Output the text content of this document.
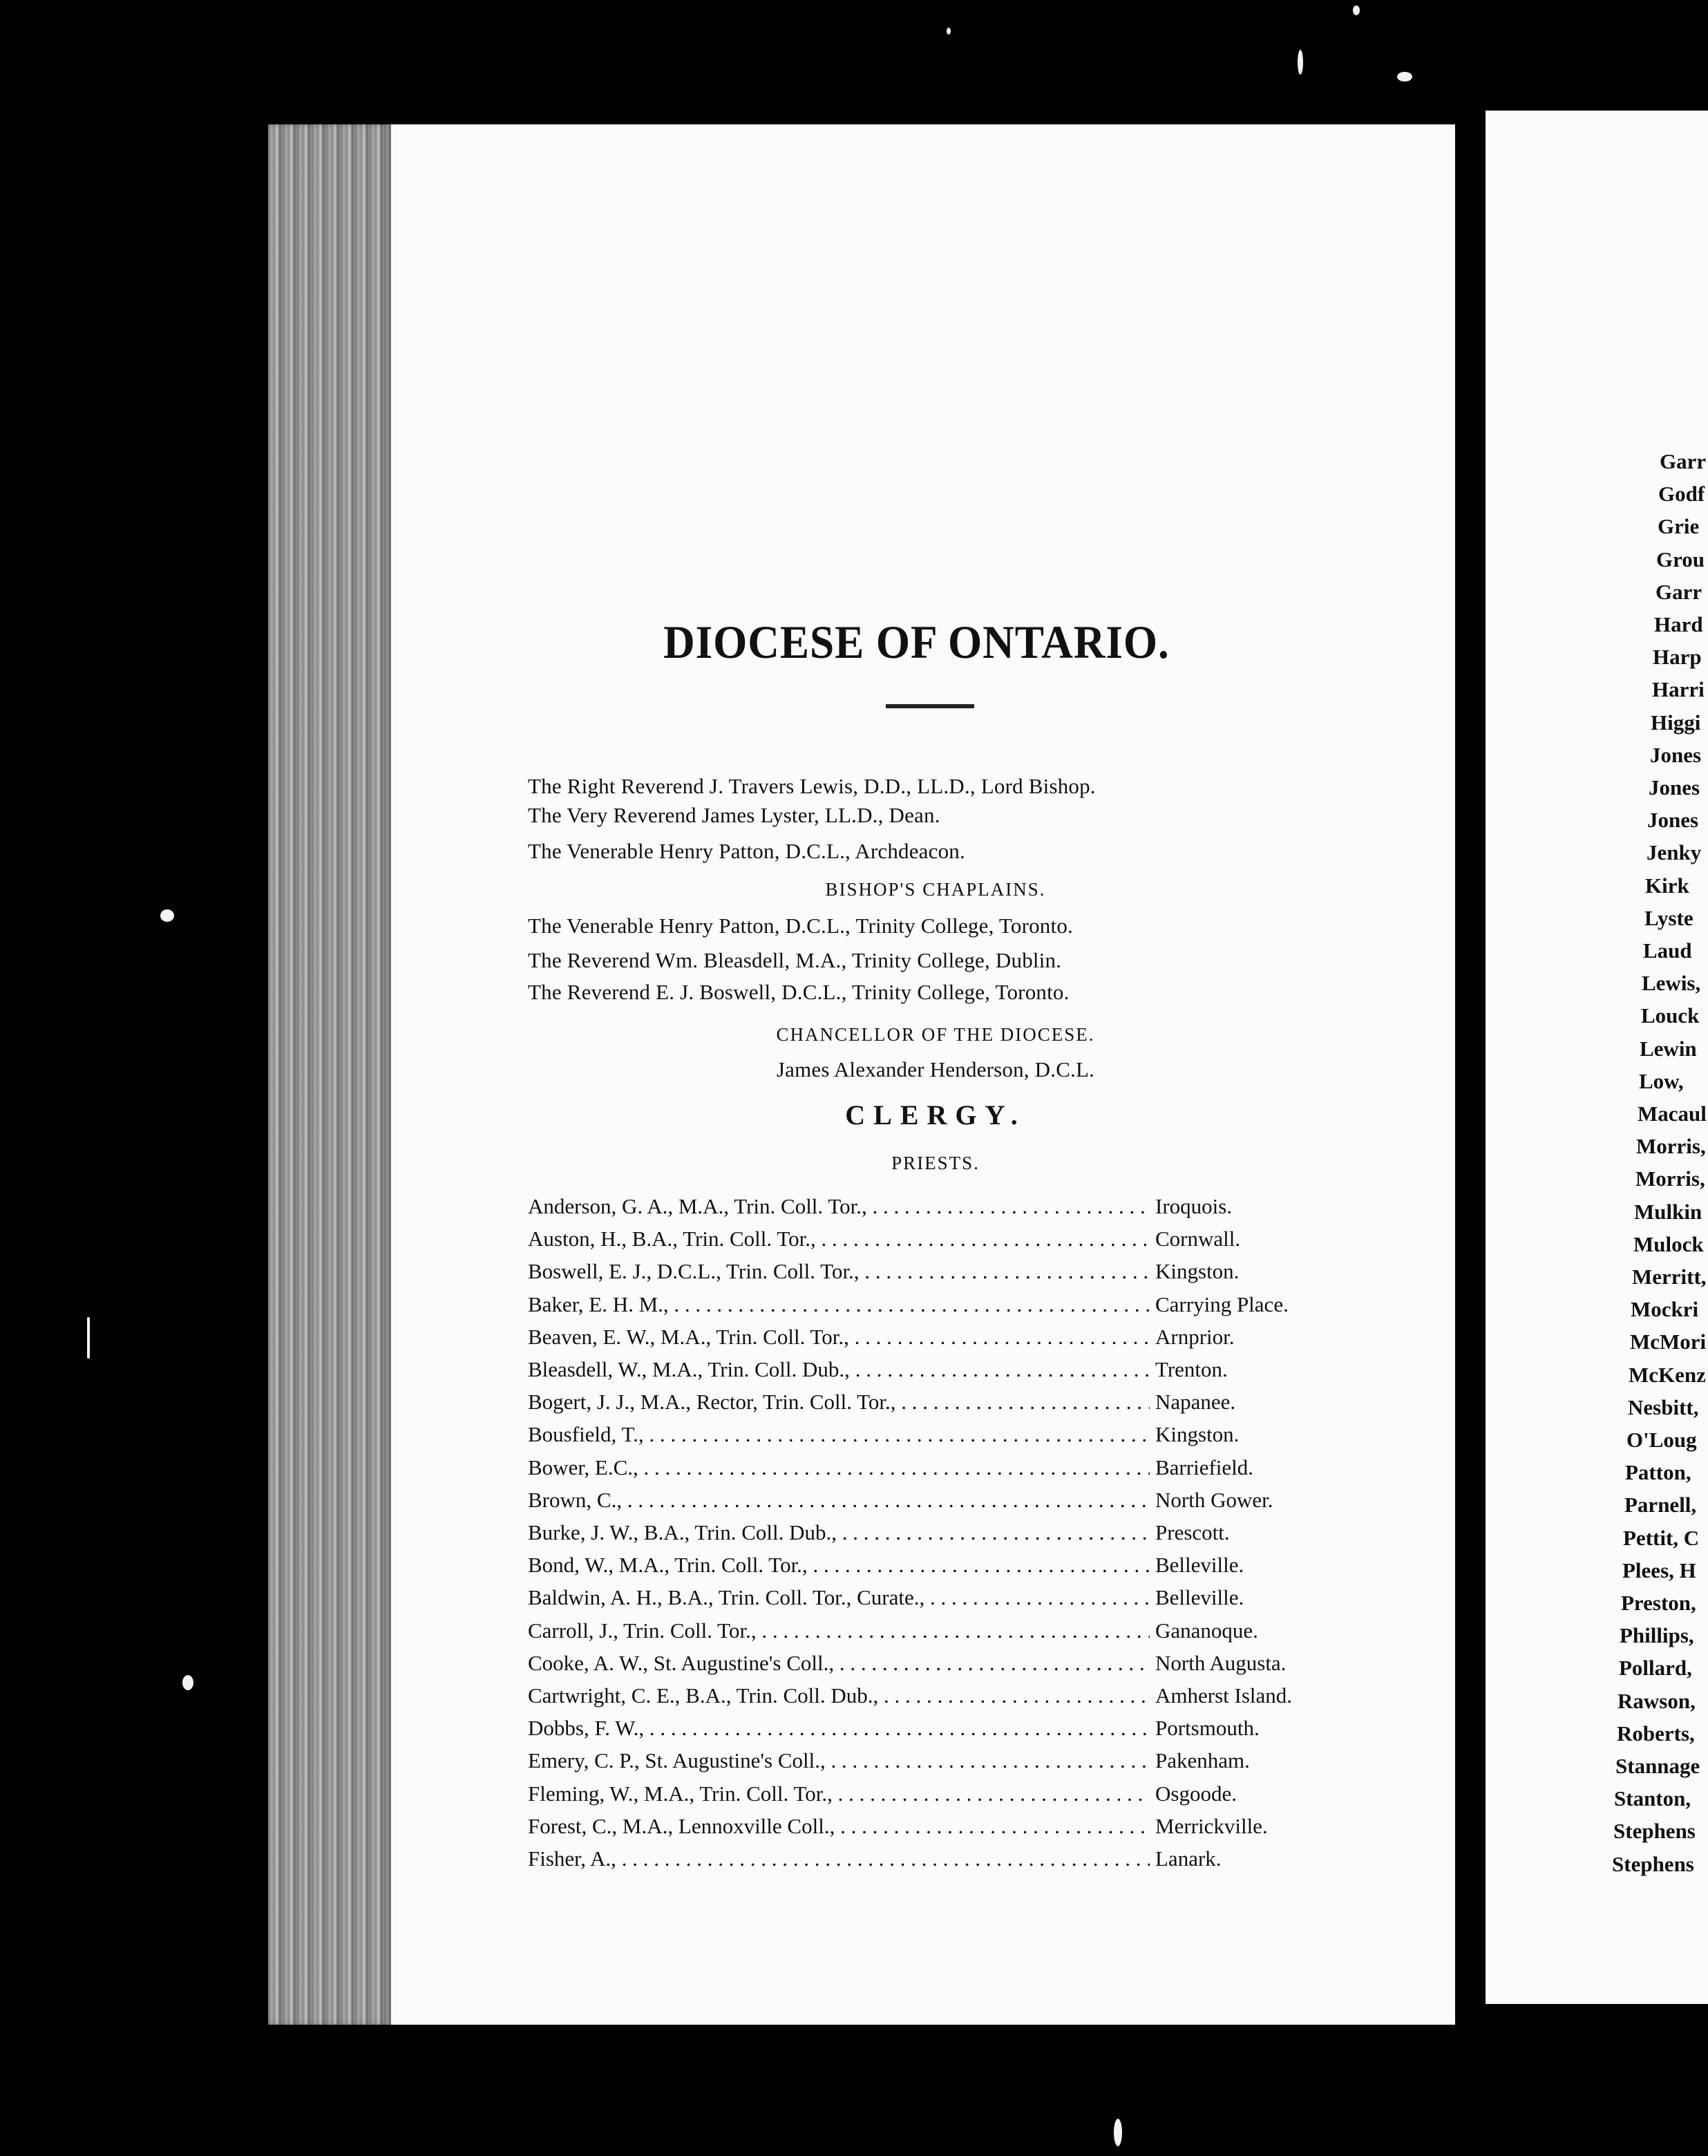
DIOCESE OF ONTARIO.
The Right Reverend J. Travers Lewis, D.D., LL.D., Lord Bishop.
The Very Reverend James Lyster, LL.D., Dean.
The Venerable Henry Patton, D.C.L., Archdeacon.
BISHOP'S CHAPLAINS.
The Venerable Henry Patton, D.C.L., Trinity College, Toronto.
The Reverend Wm. Bleasdell, M.A., Trinity College, Dublin.
The Reverend E. J. Boswell, D.C.L., Trinity College, Toronto.
CHANCELLOR OF THE DIOCESE.
James Alexander Henderson, D.C.L.
CLERGY.
PRIESTS.
Anderson, G. A., M.A., Trin. Coll. Tor., . . .	Iroquois.
Auston, H., B.A., Trin. Coll. Tor., . . .	Cornwall.
Boswell, E. J., D.C.L., Trin. Coll. Tor., . . .	Kingston.
Baker, E. H. M., . . .	Carrying Place.
Beaven, E. W., M.A., Trin. Coll. Tor., . . .	Arnprior.
Bleasdell, W., M.A., Trin. Coll. Dub., . . .	Trenton.
Bogert, J. J., M.A., Rector, Trin. Coll. Tor., . . .	Napanee.
Bousfield, T., . . .	Kingston.
Bower, E.C., . . .	Barriefield.
Brown, C., . . .	North Gower.
Burke, J. W., B.A., Trin. Coll. Dub., . . .	Prescott.
Bond, W., M.A., Trin. Coll. Tor., . . .	Belleville.
Baldwin, A. H., B.A., Trin. Coll. Tor., Curate., . . .	Belleville.
Carroll, J., Trin. Coll. Tor., . . .	Gananoque.
Cooke, A. W., St. Augustine's Coll., . . .	North Augusta.
Cartwright, C. E., B.A., Trin. Coll. Dub., . . .	Amherst Island.
Dobbs, F. W., . . .	Portsmouth.
Emery, C. P., St. Augustine's Coll., . . .	Pakenham.
Fleming, W., M.A., Trin. Coll. Tor., . . .	Osgoode.
Forest, C., M.A., Lennoxville Coll., . . .	Merrickville.
Fisher, A., . . .	Lanark.
Garr
Godf
Grie
Grou
Garr
Hard
Harp
Harri
Higgi
Jones
Jones
Jones
Jenky
Kirk
Lyste
Laud
Lewis,
Louck
Lewin
Low,
Macaul
Morris,
Morris,
Mulkin
Mulock
Merritt,
Mockri
McMori
McKenz
Nesbitt,
O'Loug
Patton,
Parnell,
Pettit, C
Plees, H
Preston,
Phillips,
Pollard,
Rawson,
Roberts,
Stannage
Stanton,
Stephens
Stephens
